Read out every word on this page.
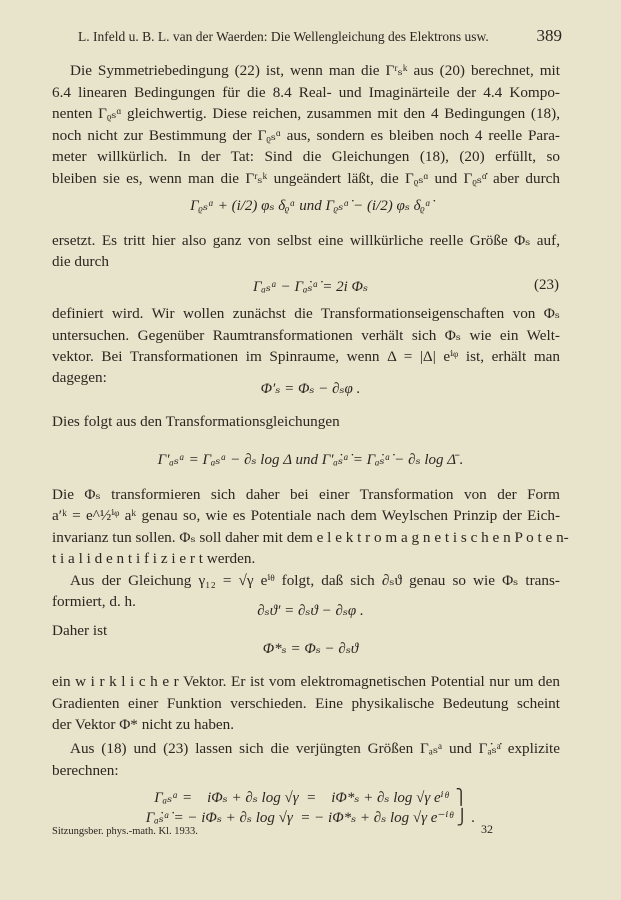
L. Infeld u. B. L. van der Waerden: Die Wellengleichung des Elektrons usw.	389
Die Symmetriebedingung (22) ist, wenn man die Γʳₛᵏ aus (20) berechnet, mit
6.4 linearen Bedingungen für die 8.4 Real- und Imaginärteile der 4.4 Kompo-
nenten Γᵨₛᵅ gleichwertig. Diese reichen, zusammen mit den 4 Bedingungen (18),
noch nicht zur Bestimmung der Γᵨₛᵅ aus, sondern es bleiben noch 4 reelle Para-
meter willkürlich. In der Tat: Sind die Gleichungen (18), (20) erfüllt, so
bleiben sie es, wenn man die Γʳₛᵏ ungeändert läßt, die Γᵨₛᵅ und Γᵨₛᵅ̇ aber durch
Γᵨₛᵅ + (i/2) φₛ δᵨᵅ und Γᵨₛᵅ̇ − (i/2) φₛ δᵨᵅ̇
ersetzt. Es tritt hier also ganz von selbst eine willkürliche reelle Größe Φₛ auf,
die durch
Γₐₛᵃ − Γₐ̇ₛᵃ̇ = 2i Φₛ	(23)
definiert wird. Wir wollen zunächst die Transformationseigenschaften von Φₛ
untersuchen. Gegenüber Raumtransformationen verhält sich Φₛ wie ein Welt-
vektor. Bei Transformationen im Spinraume, wenn Δ = |Δ| eⁱᵠ ist, erhält man
dagegen:
Φ′ₛ = Φₛ − ∂ₛφ .
Dies folgt aus den Transformationsgleichungen
Γ′ₐₛᵃ = Γₐₛᵃ − ∂ₛ log Δ und Γ′ₐ̇ₛᵃ̇ = Γₐ̇ₛᵃ̇ − ∂ₛ log Δ̄ .
Die Φₛ transformieren sich daher bei einer Transformation von der Form
a′ᵏ = e^½ⁱᵠ aᵏ genau so, wie es Potentiale nach dem Weylschen Prinzip der Eich-
invarianz tun sollen. Φₛ soll daher mit dem e l e k t r o m a g n e t i s c h e n P o t e n-
t i a l i d e n t i f i z i e r t werden.
Aus der Gleichung γ₁₂ = √γ eⁱᶿ folgt, daß sich ∂ₛϑ genau so wie Φₛ trans-
formiert, d. h.
∂ₛϑ′ = ∂ₛϑ − ∂ₛφ .
Daher ist
Φ*ₛ = Φₛ − ∂ₛϑ
ein w i r k l i c h e r Vektor. Er ist vom elektromagnetischen Potential nur um den
Gradienten einer Funktion verschieden. Eine physikalische Bedeutung scheint
der Vektor Φ* nicht zu haben.
Aus (18) und (23) lassen sich die verjüngten Größen Γₐₛᵃ und Γₐ̇ₛᵃ̇ explizite
berechnen:
Γₐₛᵃ =    iΦₛ + ∂ₛ log √γ  =    iΦ*ₛ + ∂ₛ log √γ eⁱᶿ  ⎫
Γₐ̇ₛᵃ̇ = − iΦₛ + ∂ₛ log √γ  = − iΦ*ₛ + ∂ₛ log √γ e⁻ⁱᶿ ⎭ .
Sitzungsber. phys.-math. Kl. 1933.	32
